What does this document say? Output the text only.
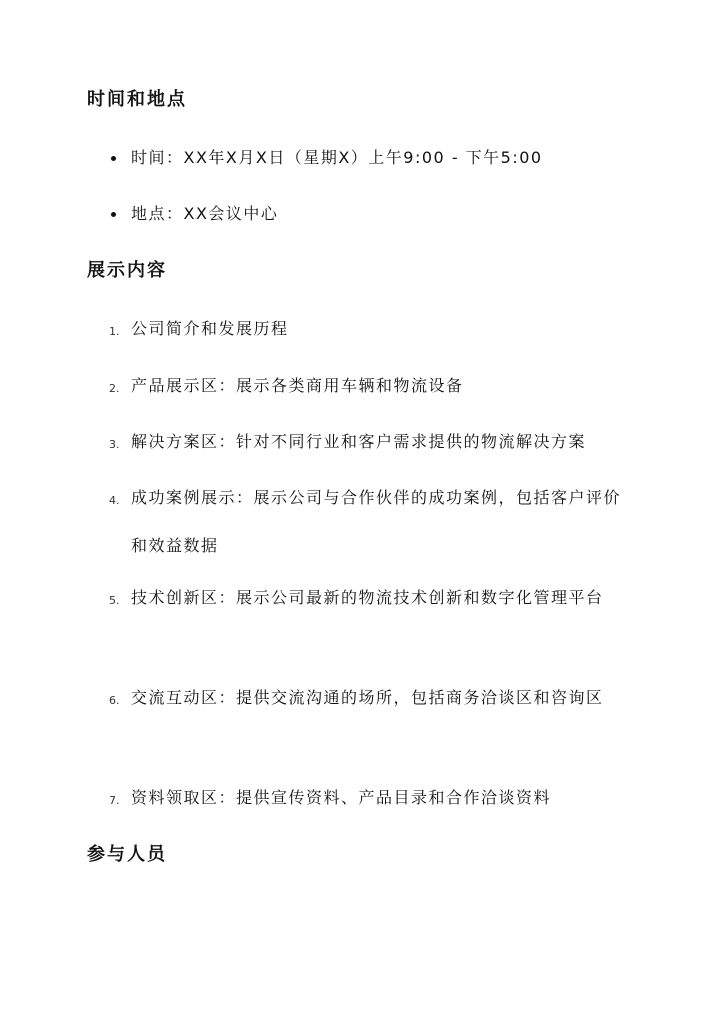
时间和地点
时间：XX年X月X日（星期X）上午9:00 - 下午5:00
地点：XX会议中心
展示内容
1. 公司简介和发展历程
2. 产品展示区：展示各类商用车辆和物流设备
3. 解决方案区：针对不同行业和客户需求提供的物流解决方案
4. 成功案例展示：展示公司与合作伙伴的成功案例，包括客户评价和效益数据
5. 技术创新区：展示公司最新的物流技术创新和数字化管理平台
6. 交流互动区：提供交流沟通的场所，包括商务洽谈区和咨询区
7. 资料领取区：提供宣传资料、产品目录和合作洽谈资料
参与人员
